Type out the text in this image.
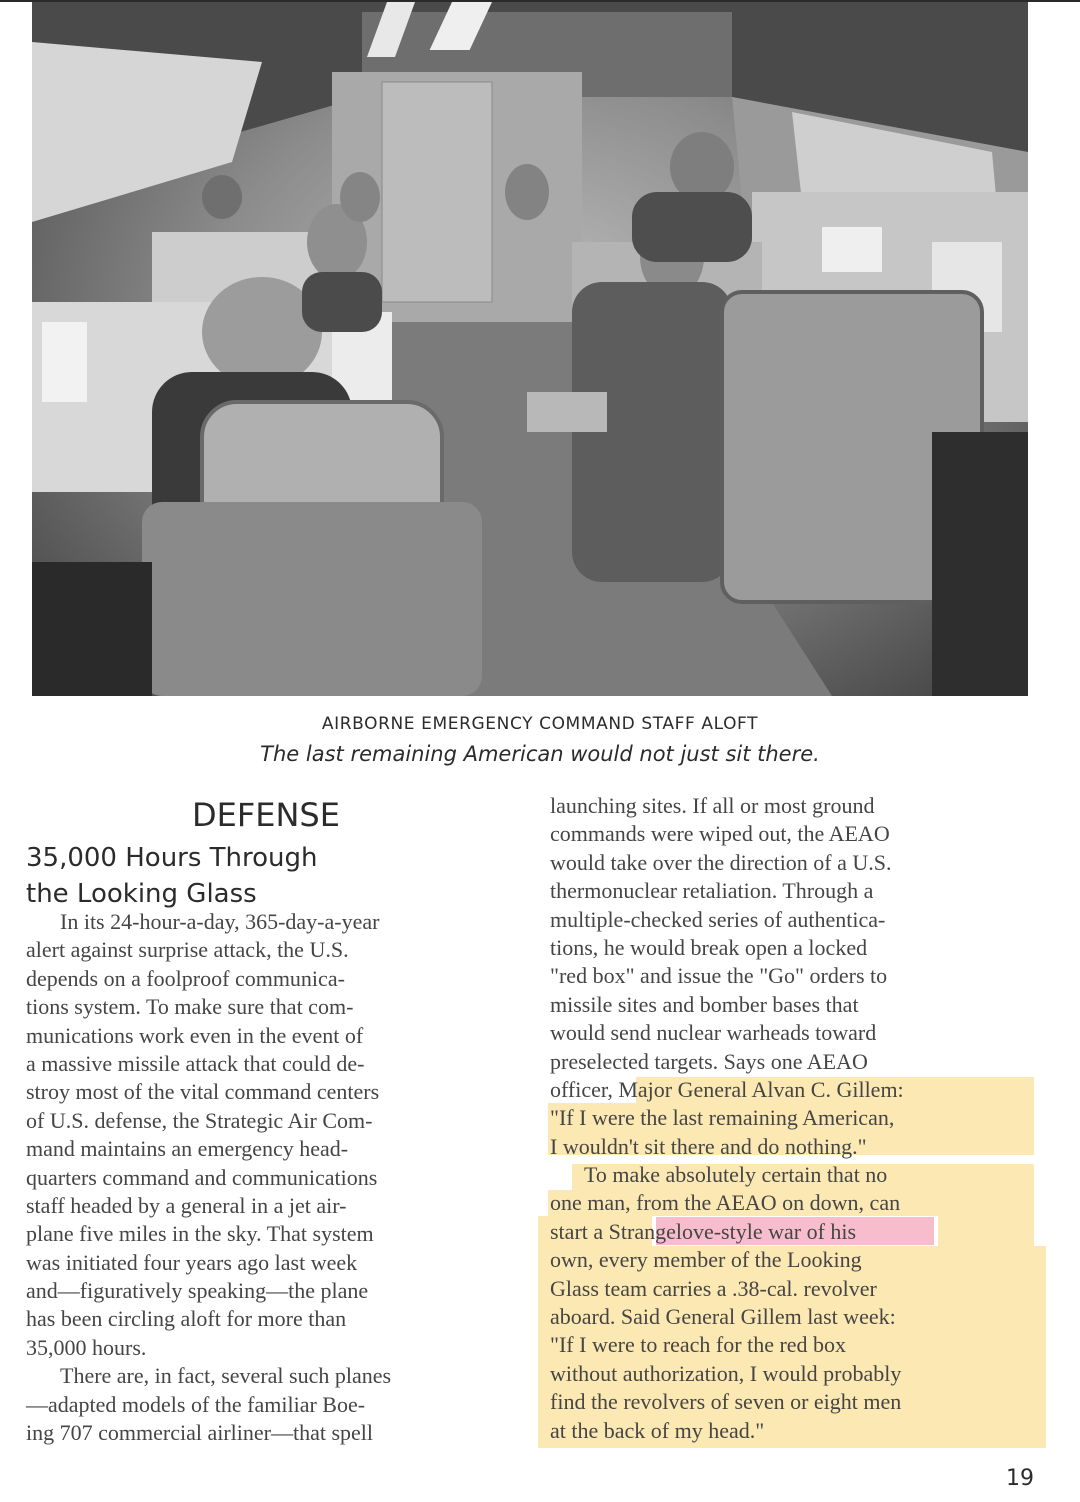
AIRBORNE EMERGENCY COMMAND STAFF ALOFT
The last remaining American would not just sit there.
DEFENSE
35,000 Hours Through
the Looking Glass
In its 24-hour-a-day, 365-day-a-year
alert against surprise attack, the U.S.
depends on a foolproof communica-
tions system. To make sure that com-
munications work even in the event of
a massive missile attack that could de-
stroy most of the vital command centers
of U.S. defense, the Strategic Air Com-
mand maintains an emergency head-
quarters command and communications
staff headed by a general in a jet air-
plane five miles in the sky. That system
was initiated four years ago last week
and—figuratively speaking—the plane
has been circling aloft for more than
35,000 hours.
There are, in fact, several such planes
—adapted models of the familiar Boe-
ing 707 commercial airliner—that spell
launching sites. If all or most ground
commands were wiped out, the AEAO
would take over the direction of a U.S.
thermonuclear retaliation. Through a
multiple-checked series of authentica-
tions, he would break open a locked
"red box" and issue the "Go" orders to
missile sites and bomber bases that
would send nuclear warheads toward
preselected targets. Says one AEAO
officer, Major General Alvan C. Gillem:
"If I were the last remaining American,
I wouldn't sit there and do nothing."
To make absolutely certain that no
one man, from the AEAO on down, can
start a Strangelove-style war of his
own, every member of the Looking
Glass team carries a .38-cal. revolver
aboard. Said General Gillem last week:
"If I were to reach for the red box
without authorization, I would probably
find the revolvers of seven or eight men
at the back of my head."
19
